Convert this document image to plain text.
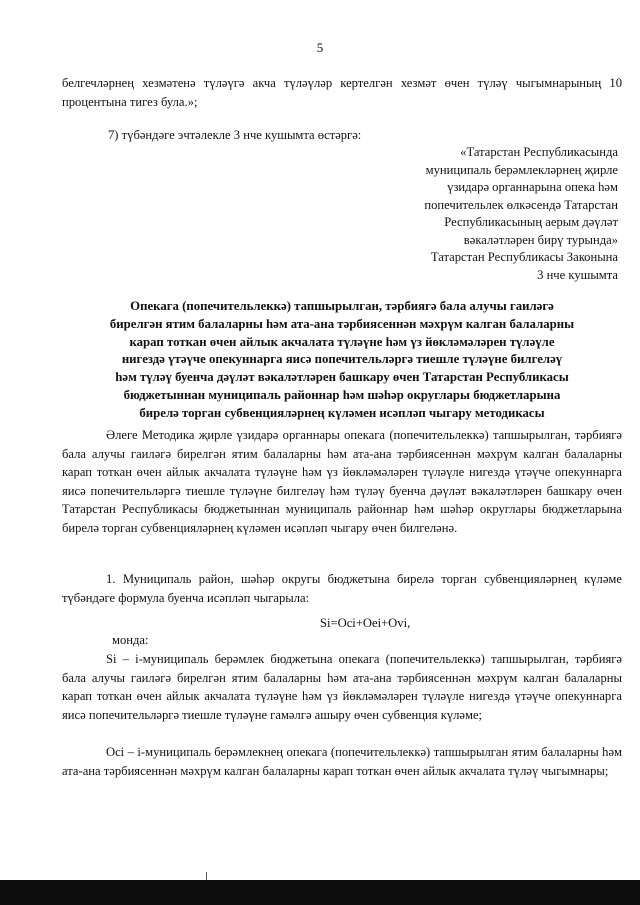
5
белгечләрнең хезмәтенә түләүгә акча түләүләр кертелгән хезмәт өчен түләү чыгымнарының 10 процентына тигез була.»;
7) түбәндәге эчтәлекле 3 нче кушымта өстәргә:
«Татарстан Республикасында
муниципаль берәмлекләрнең җирле
үзидарә органнарына опека һәм
попечительлек өлкәсендә Татарстан
Республикасының аерым дәүләт
вәкаләтләрен бирү турында»
Татарстан Республикасы Законына
3 нче кушымта
Опекага (попечительлеккә) тапшырылган, тәрбиягә бала алучы гаиләгә
бирелгән ятим балаларны һәм ата-ана тәрбиясеннән мәхрүм калган балаларны
карап тоткан өчен айлык акчалата түләүне һәм үз йөкләмәләрен түләүле
нигездә үтәүче опекуннарга яисә попечительләргә тиешле түләүне билгеләү
һәм түләү буенча дәүләт вәкаләтләрен башкару өчен Татарстан Республикасы
бюджетыннан муниципаль районнар һәм шәһәр округлары бюджетларына
бирелә торган субвенцияләрнең күләмен исәпләп чыгару методикасы
Әлеге Методика җирле үзидарә органнары опекага (попечительлеккә) тапшырылган, тәрбиягә бала алучы гаиләгә бирелгән ятим балаларны һәм ата-ана тәрбиясеннән мәхрүм калган балаларны карап тоткан өчен айлык акчалата түләүне һәм үз йөкләмәләрен түләүле нигездә үтәүче опекуннарга яисә попечительләргә тиешле түләүне билгеләү һәм түләү буенча дәүләт вәкаләтләрен башкару өчен Татарстан Республикасы бюджетыннан муниципаль районнар һәм шәһәр округлары бюджетларына бирелә торган субвенцияләрнең күләмен исәпләп чыгару өчен билгеләнә.
1. Муниципаль район, шәһәр округы бюджетына бирелә торган субвенцияләрнең күләме түбәндәге формула буенча исәпләп чыгарыла:
Si=Oci+Oei+Ovi,
монда:
Si – i-муниципаль берәмлек бюджетына опекага (попечительлеккә) тапшырылган, тәрбиягә бала алучы гаиләгә бирелгән ятим балаларны һәм ата-ана тәрбиясеннән мәхрүм калган балаларны карап тоткан өчен айлык акчалата түләүне һәм үз йөкләмәләрен түләүле нигездә үтәүче опекуннарга яисә попечительләргә тиешле түләүне гамәлгә ашыру өчен субвенция күләме;
Осi – i-муниципаль берәмлекнең опекага (попечительлеккә) тапшырылган ятим балаларны һәм ата-ана тәрбиясеннән мәхрүм калган балаларны карап тоткан өчен айлык акчалата түләү чыгымнары;
